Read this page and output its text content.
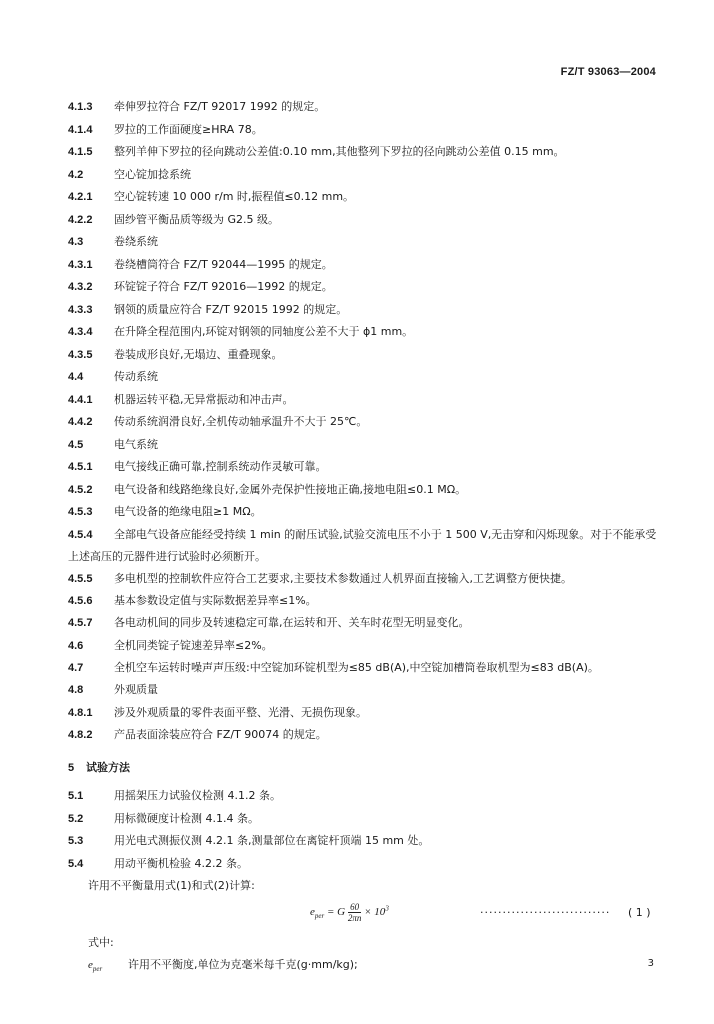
FZ/T 93063—2004
4.1.3 牵伸罗拉符合 FZ/T 92017 1992 的规定。
4.1.4 罗拉的工作面硬度≥HRA 78。
4.1.5 整列羊伸下罗拉的径向跳动公差值:0.10 mm,其他整列下罗拉的径向跳动公差值 0.15 mm。
4.2	空心锭加捻系统
4.2.1 空心锭转速 10 000 r/m 时,振程值≤0.12 mm。
4.2.2 固纱管平衡品质等级为 G2.5 级。
4.3	卷绕系统
4.3.1 卷绕槽筒符合 FZ/T 92044—1995 的规定。
4.3.2 环锭锭子符合 FZ/T 92016—1992 的规定。
4.3.3 钢领的质量应符合 FZ/T 92015 1992 的规定。
4.3.4 在升降全程范围内,环锭对钢领的同轴度公差不大于 ϕ1 mm。
4.3.5 卷装成形良好,无塌边、重叠现象。
4.4	传动系统
4.4.1 机器运转平稳,无异常振动和冲击声。
4.4.2 传动系统润滑良好,全机传动轴承温升不大于 25℃。
4.5	电气系统
4.5.1 电气接线正确可靠,控制系统动作灵敏可靠。
4.5.2 电气设备和线路绝缘良好,金属外壳保护性接地正确,接地电阻≤0.1 MΩ。
4.5.3 电气设备的绝缘电阻≥1 MΩ。
4.5.4 全部电气设备应能经受持续 1 min 的耐压试验,试验交流电压不小于 1 500 V,无击穿和闪烁现象。对于不能承受上述高压的元器件进行试验时必须断开。
4.5.5 多电机型的控制软件应符合工艺要求,主要技术参数通过人机界面直接输入,工艺调整方便快捷。
4.5.6 基本参数设定值与实际数据差异率≤1%。
4.5.7 各电动机间的同步及转速稳定可靠,在运转和开、关车时花型无明显变化。
4.6	全机同类锭子锭速差异率≤2%。
4.7	全机空车运转时噪声声压级:中空锭加环锭机型为≤85 dB(A),中空锭加槽筒卷取机型为≤83 dB(A)。
4.8	外观质量
4.8.1 涉及外观质量的零件表面平整、光滑、无损伤现象。
4.8.2 产品表面涂装应符合 FZ/T 90074 的规定。
5 试验方法
5.1	用摇架压力试验仪检测 4.1.2 条。
5.2	用标微硬度计检测 4.1.4 条。
5.3	用光电式测振仪测 4.2.1 条,测量部位在离锭杆顶端 15 mm 处。
5.4	用动平衡机检验 4.2.2 条。
许用不平衡量用式(1)和式(2)计算:
$e_{per} = G \frac{60}{2\pi n} \times 10^3$	····························· ( 1 )
式中:
$e_{per}$ 许用不平衡度,单位为克毫米每千克(g·mm/kg);	3
